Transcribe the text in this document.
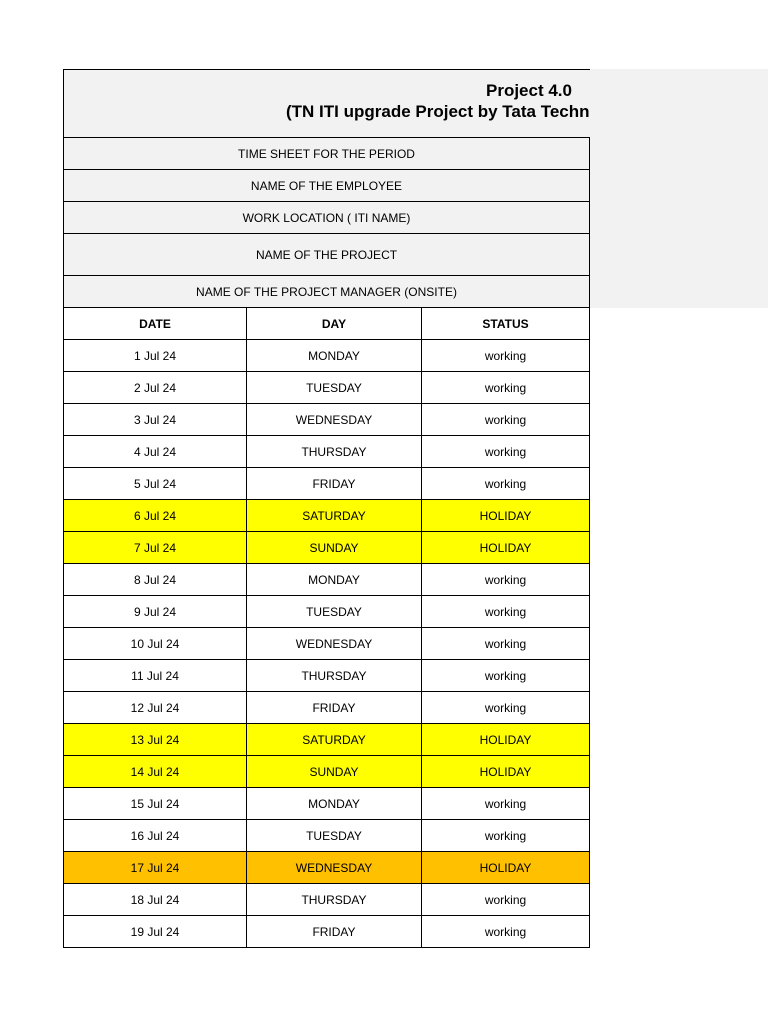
Project 4.0
(TN ITI upgrade Project by Tata Techn
TIME SHEET FOR THE PERIOD
NAME OF THE EMPLOYEE
WORK LOCATION ( ITI NAME)
NAME OF THE PROJECT
NAME OF THE PROJECT MANAGER (ONSITE)
DATE	DAY	STATUS
1 Jul 24	MONDAY	working
2 Jul 24	TUESDAY	working
3 Jul 24	WEDNESDAY	working
4 Jul 24	THURSDAY	working
5 Jul 24	FRIDAY	working
6 Jul 24	SATURDAY	HOLIDAY
7 Jul 24	SUNDAY	HOLIDAY
8 Jul 24	MONDAY	working
9 Jul 24	TUESDAY	working
10 Jul 24	WEDNESDAY	working
11 Jul 24	THURSDAY	working
12 Jul 24	FRIDAY	working
13 Jul 24	SATURDAY	HOLIDAY
14 Jul 24	SUNDAY	HOLIDAY
15 Jul 24	MONDAY	working
16 Jul 24	TUESDAY	working
17 Jul 24	WEDNESDAY	HOLIDAY
18 Jul 24	THURSDAY	working
19 Jul 24	FRIDAY	working
